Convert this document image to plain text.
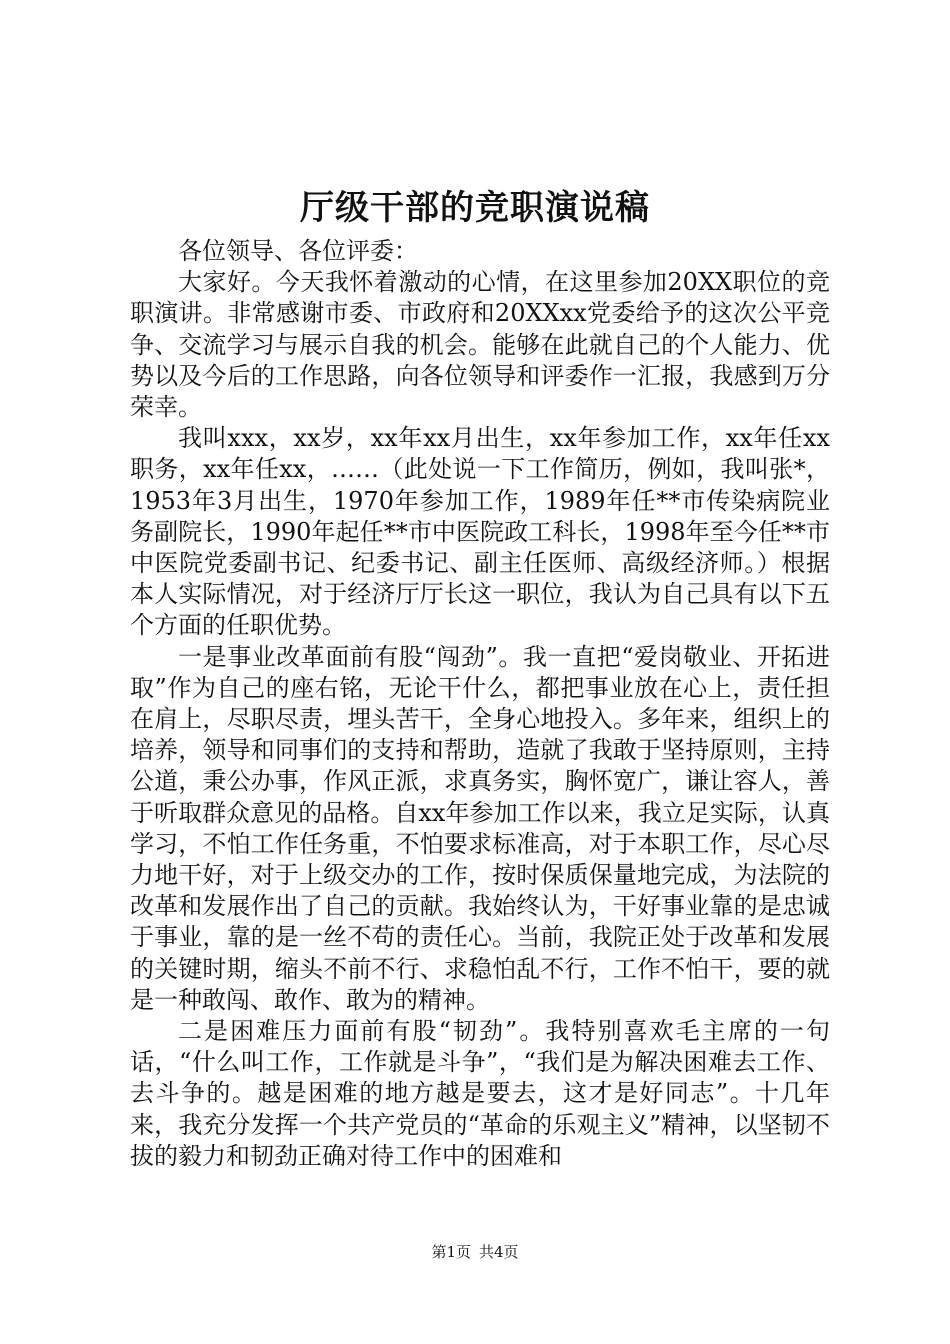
厅级干部的竞职演说稿

各位领导、各位评委：

大家好。今天我怀着激动的心情，在这里参加20XX职位的竞职演讲。非常感谢市委、市政府和20XXxx党委给予的这次公平竞争、交流学习与展示自我的机会。能够在此就自己的个人能力、优势以及今后的工作思路，向各位领导和评委作一汇报，我感到万分荣幸。

我叫xxx，xx岁，xx年xx月出生，xx年参加工作，xx年任xx职务，xx年任xx，……（此处说一下工作简历，例如，我叫张*，1953年3月出生，1970年参加工作，1989年任**市传染病院业务副院长，1990年起任**市中医院政工科长，1998年至今任**市中医院党委副书记、纪委书记、副主任医师、高级经济师。）根据本人实际情况，对于经济厅厅长这一职位，我认为自己具有以下五个方面的任职优势。

一是事业改革面前有股“闯劲”。我一直把“爱岗敬业、开拓进取”作为自己的座右铭，无论干什么，都把事业放在心上，责任担在肩上，尽职尽责，埋头苦干，全身心地投入。多年来，组织上的培养，领导和同事们的支持和帮助，造就了我敢于坚持原则，主持公道，秉公办事，作风正派，求真务实，胸怀宽广，谦让容人，善于听取群众意见的品格。自xx年参加工作以来，我立足实际，认真学习，不怕工作任务重，不怕要求标准高，对于本职工作，尽心尽力地干好，对于上级交办的工作，按时保质保量地完成，为法院的改革和发展作出了自己的贡献。我始终认为，干好事业靠的是忠诚于事业，靠的是一丝不苟的责任心。当前，我院正处于改革和发展的关键时期，缩头不前不行、求稳怕乱不行，工作不怕干，要的就是一种敢闯、敢作、敢为的精神。

二是困难压力面前有股“韧劲”。我特别喜欢毛主席的一句话，“什么叫工作，工作就是斗争”，“我们是为解决困难去工作、去斗争的。越是困难的地方越是要去，这才是好同志”。十几年来，我充分发挥一个共产党员的“革命的乐观主义”精神，以坚韧不拔的毅力和韧劲正确对待工作中的困难和

第1页 共4页
